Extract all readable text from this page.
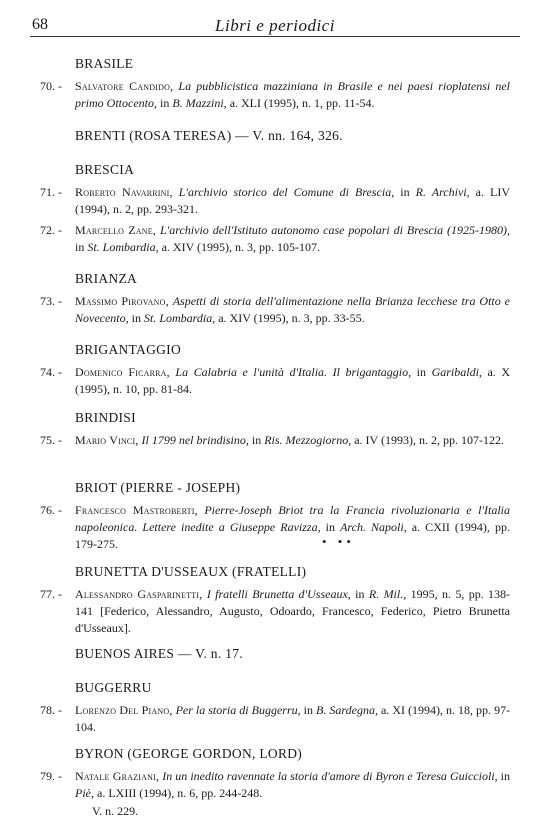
68	Libri e periodici
BRASILE
70. - Salvatore Candido, La pubblicistica mazziniana in Brasile e nei paesi rioplatensi nel primo Ottocento, in B. Mazzini, a. XLI (1995), n. 1, pp. 11-54.
BRENTI (ROSA TERESA) — V. nn. 164, 326.
BRESCIA
71. - Roberto Navarrini, L'archivio storico del Comune di Brescia, in R. Archivi, a. LIV (1994), n. 2, pp. 293-321.
72. - Marcello Zane, L'archivio dell'Istituto autonomo case popolari di Brescia (1925-1980), in St. Lombardia, a. XIV (1995), n. 3, pp. 105-107.
BRIANZA
73. - Massimo Pirovano, Aspetti di storia dell'alimentazione nella Brianza lecchese tra Otto e Novecento, in St. Lombardia, a. XIV (1995), n. 3, pp. 33-55.
BRIGANTAGGIO
74. - Domenico Ficarra, La Calabria e l'unità d'Italia. Il brigantaggio, in Garibaldi, a. X (1995), n. 10, pp. 81-84.
BRINDISI
75. - Mario Vinci, Il 1799 nel brindisino, in Ris. Mezzogiorno, a. IV (1993), n. 2, pp. 107-122.
BRIOT (PIERRE - JOSEPH)
76. - Francesco Mastroberti, Pierre-Joseph Briot tra la Francia rivoluzionaria e l'Italia napoleonica. Lettere inedite a Giuseppe Ravizza, in Arch. Napoli, a. CXII (1994), pp. 179-275.	• ••
BRUNETTA D'USSEAUX (FRATELLI)
77. - Alessandro Gasparinetti, I fratelli Brunetta d'Usseaux, in R. Mil., 1995, n. 5, pp. 138-141 [Federico, Alessandro, Augusto, Odoardo, Francesco, Federico, Pietro Brunetta d'Usseaux].
BUENOS AIRES — V. n. 17.
BUGGERRU
78. - Lorenzo Del Piano, Per la storia di Buggerru, in B. Sardegna, a. XI (1994), n. 18, pp. 97-104.
BYRON (GEORGE GORDON, LORD)
79. - Natale Graziani, In un inedito ravennate la storia d'amore di Byron e Teresa Guiccioli, in Piè, a. LXIII (1994), n. 6, pp. 244-248.
V. n. 229.
